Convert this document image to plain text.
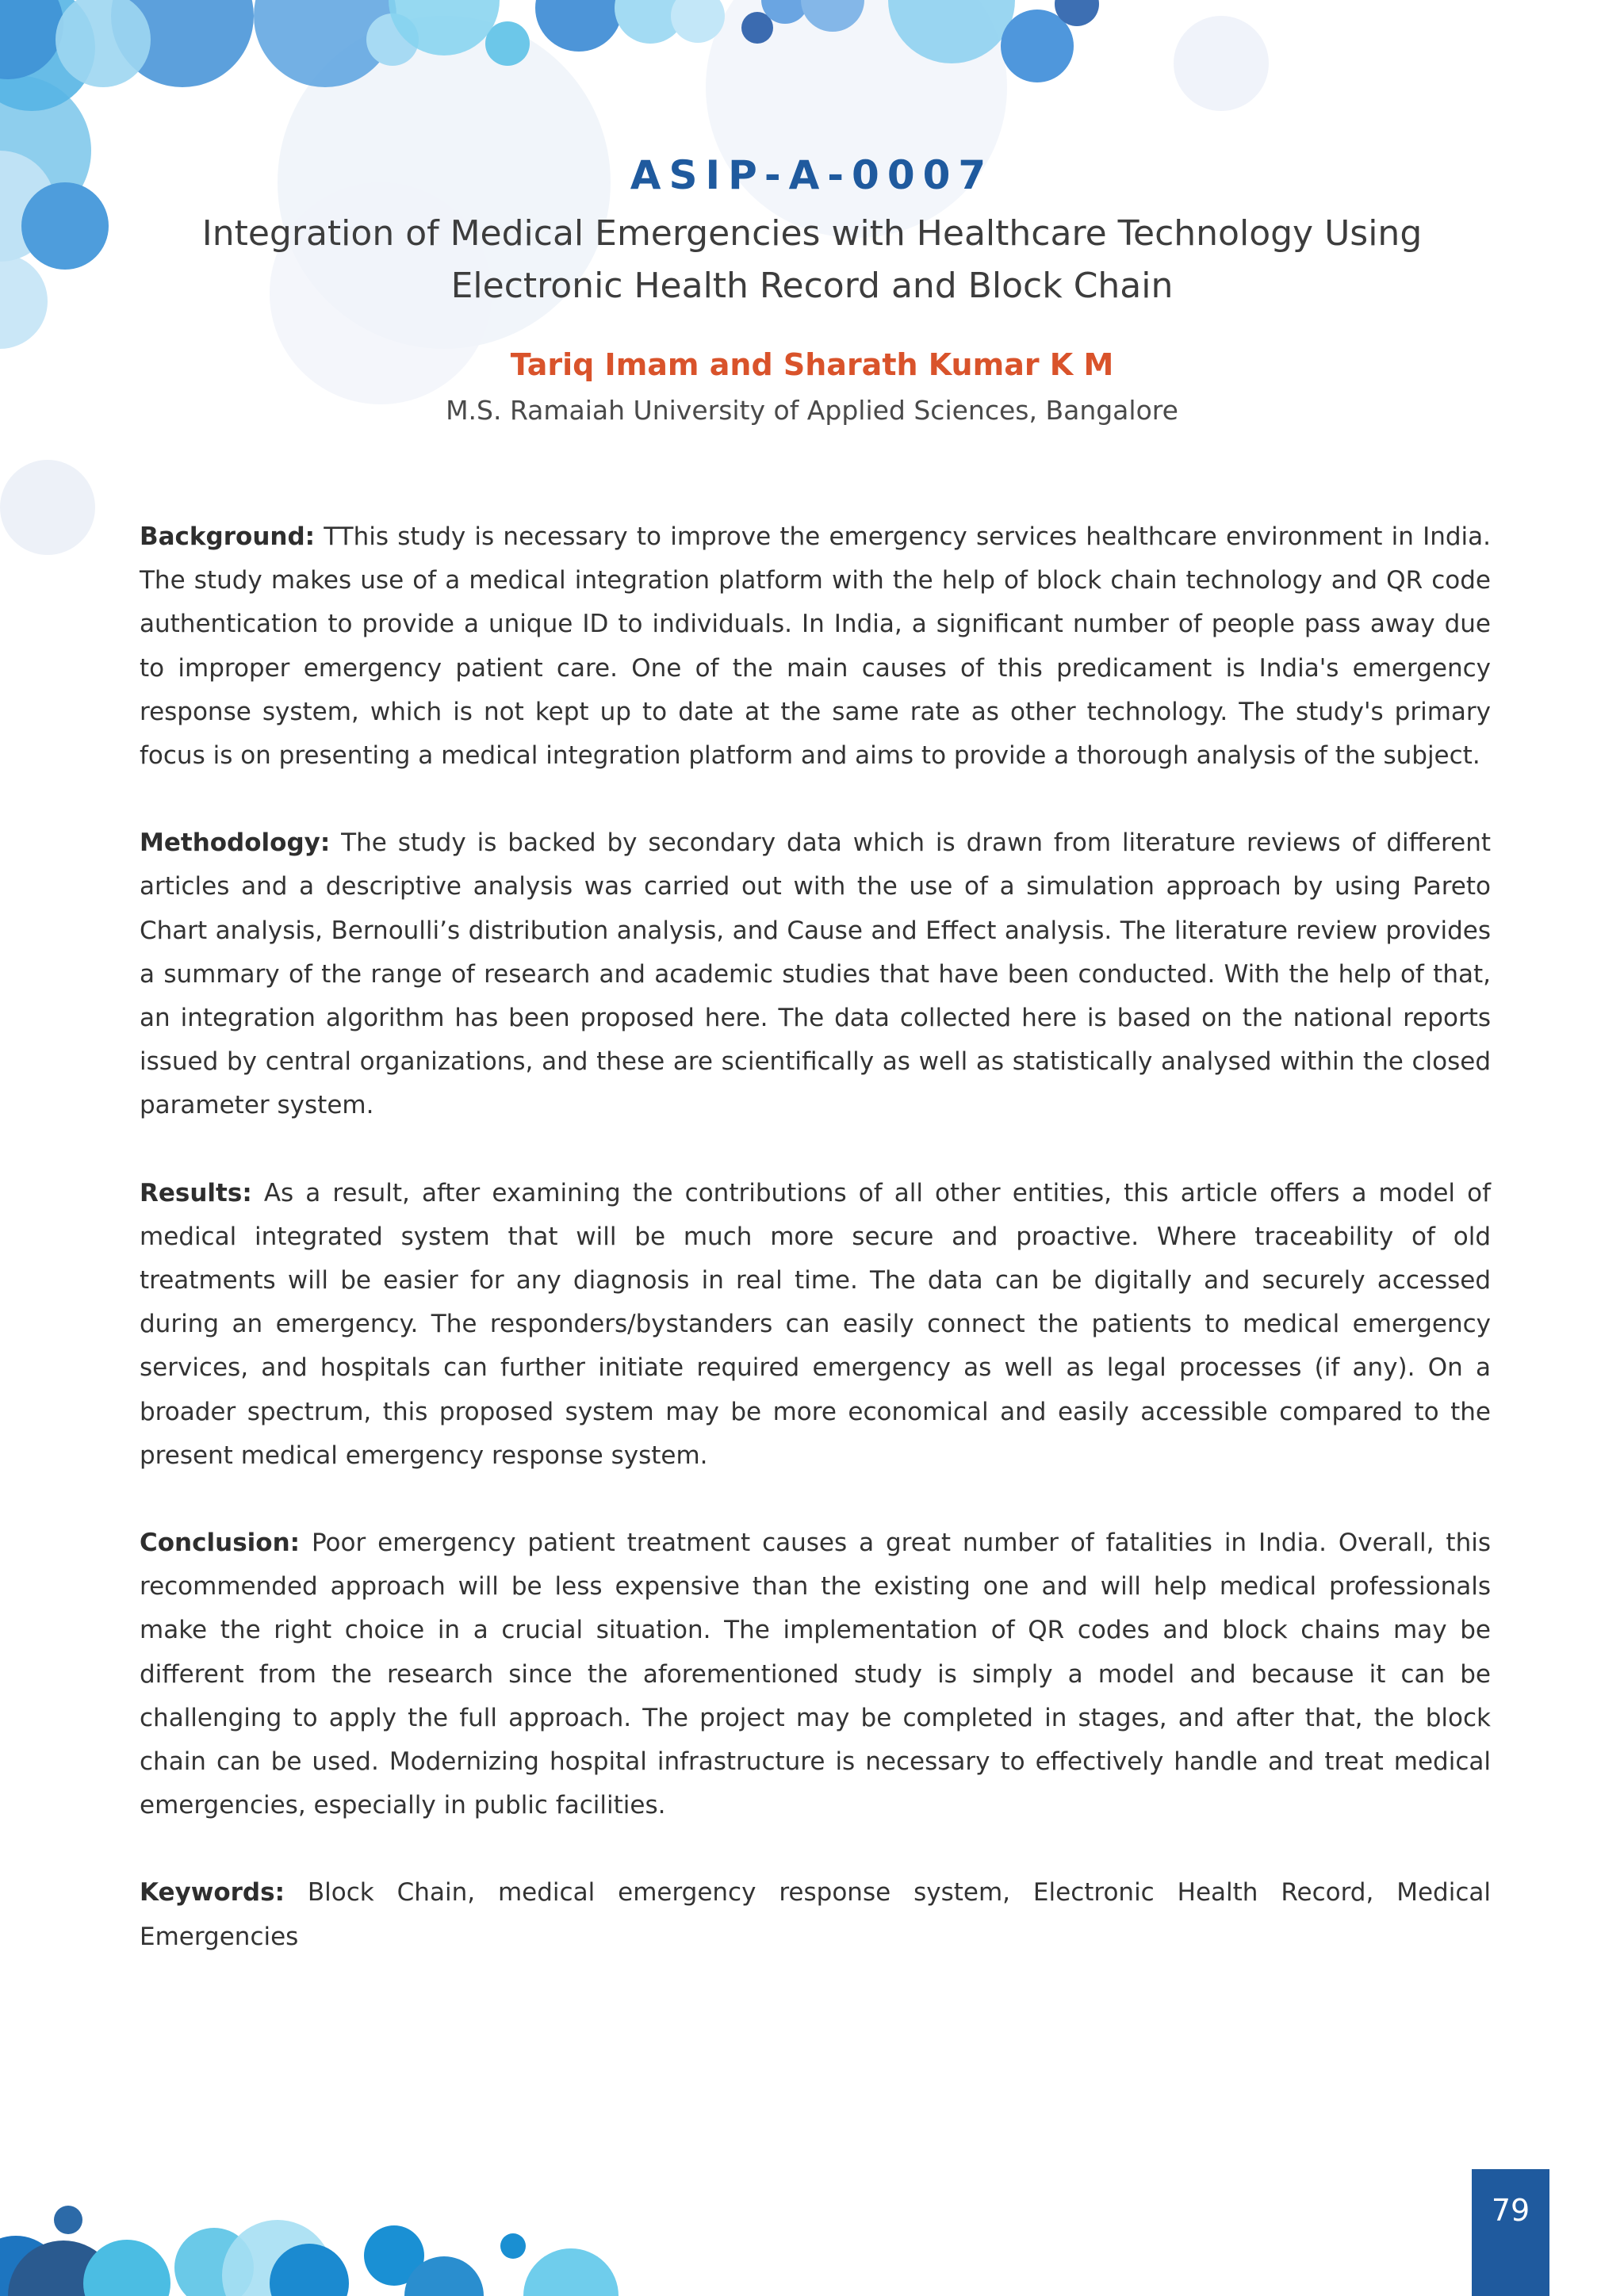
ASIP-A-0007
Integration of Medical Emergencies with Healthcare Technology Using Electronic Health Record and Block Chain
Tariq Imam and Sharath Kumar K M
M.S. Ramaiah University of Applied Sciences, Bangalore

Background: TThis study is necessary to improve the emergency services healthcare environment in India. The study makes use of a medical integration platform with the help of block chain technology and QR code authentication to provide a unique ID to individuals. In India, a significant number of people pass away due to improper emergency patient care. One of the main causes of this predicament is India's emergency response system, which is not kept up to date at the same rate as other technology. The study's primary focus is on presenting a medical integration platform and aims to provide a thorough analysis of the subject.

Methodology: The study is backed by secondary data which is drawn from literature reviews of different articles and a descriptive analysis was carried out with the use of a simulation approach by using Pareto Chart analysis, Bernoulli’s distribution analysis, and Cause and Effect analysis. The literature review provides a summary of the range of research and academic studies that have been conducted. With the help of that, an integration algorithm has been proposed here. The data collected here is based on the national reports issued by central organizations, and these are scientifically as well as statistically analysed within the closed parameter system.

Results: As a result, after examining the contributions of all other entities, this article offers a model of medical integrated system that will be much more secure and proactive. Where traceability of old treatments will be easier for any diagnosis in real time. The data can be digitally and securely accessed during an emergency. The responders/bystanders can easily connect the patients to medical emergency services, and hospitals can further initiate required emergency as well as legal processes (if any). On a broader spectrum, this proposed system may be more economical and easily accessible compared to the present medical emergency response system.

Conclusion: Poor emergency patient treatment causes a great number of fatalities in India. Overall, this recommended approach will be less expensive than the existing one and will help medical professionals make the right choice in a crucial situation. The implementation of QR codes and block chains may be different from the research since the aforementioned study is simply a model and because it can be challenging to apply the full approach. The project may be completed in stages, and after that, the block chain can be used. Modernizing hospital infrastructure is necessary to effectively handle and treat medical emergencies, especially in public facilities.

Keywords: Block Chain, medical emergency response system, Electronic Health Record, Medical Emergencies

79
